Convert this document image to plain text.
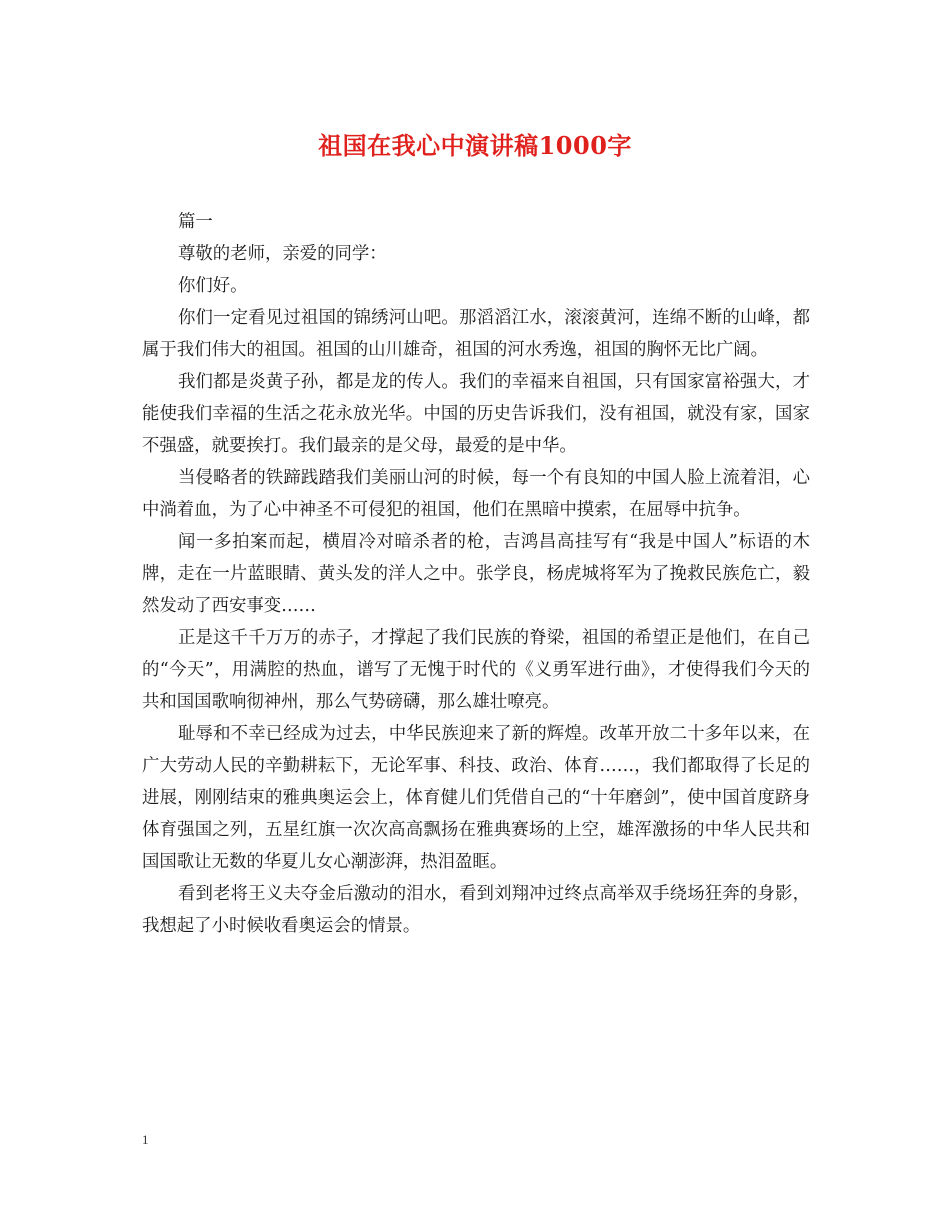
祖国在我心中演讲稿1000字

篇一

尊敬的老师，亲爱的同学：

你们好。

你们一定看见过祖国的锦绣河山吧。那滔滔江水，滚滚黄河，连绵不断的山峰，都属于我们伟大的祖国。祖国的山川雄奇，祖国的河水秀逸，祖国的胸怀无比广阔。

我们都是炎黄子孙，都是龙的传人。我们的幸福来自祖国，只有国家富裕强大，才能使我们幸福的生活之花永放光华。中国的历史告诉我们，没有祖国，就没有家，国家不强盛，就要挨打。我们最亲的是父母，最爱的是中华。

当侵略者的铁蹄践踏我们美丽山河的时候，每一个有良知的中国人脸上流着泪，心中淌着血，为了心中神圣不可侵犯的祖国，他们在黑暗中摸索，在屈辱中抗争。

闻一多拍案而起，横眉冷对暗杀者的枪，吉鸿昌高挂写有“我是中国人”标语的木牌，走在一片蓝眼睛、黄头发的洋人之中。张学良，杨虎城将军为了挽救民族危亡，毅然发动了西安事变……

正是这千千万万的赤子，才撑起了我们民族的脊梁，祖国的希望正是他们，在自己的“今天”，用满腔的热血，谱写了无愧于时代的《义勇军进行曲》，才使得我们今天的共和国国歌响彻神州，那么气势磅礴，那么雄壮嘹亮。

耻辱和不幸已经成为过去，中华民族迎来了新的辉煌。改革开放二十多年以来，在广大劳动人民的辛勤耕耘下，无论军事、科技、政治、体育……，我们都取得了长足的进展，刚刚结束的雅典奥运会上，体育健儿们凭借自己的“十年磨剑”，使中国首度跻身体育强国之列，五星红旗一次次高高飘扬在雅典赛场的上空，雄浑激扬的中华人民共和国国歌让无数的华夏儿女心潮澎湃，热泪盈眶。

看到老将王义夫夺金后激动的泪水，看到刘翔冲过终点高举双手绕场狂奔的身影，我想起了小时候收看奥运会的情景。

1
